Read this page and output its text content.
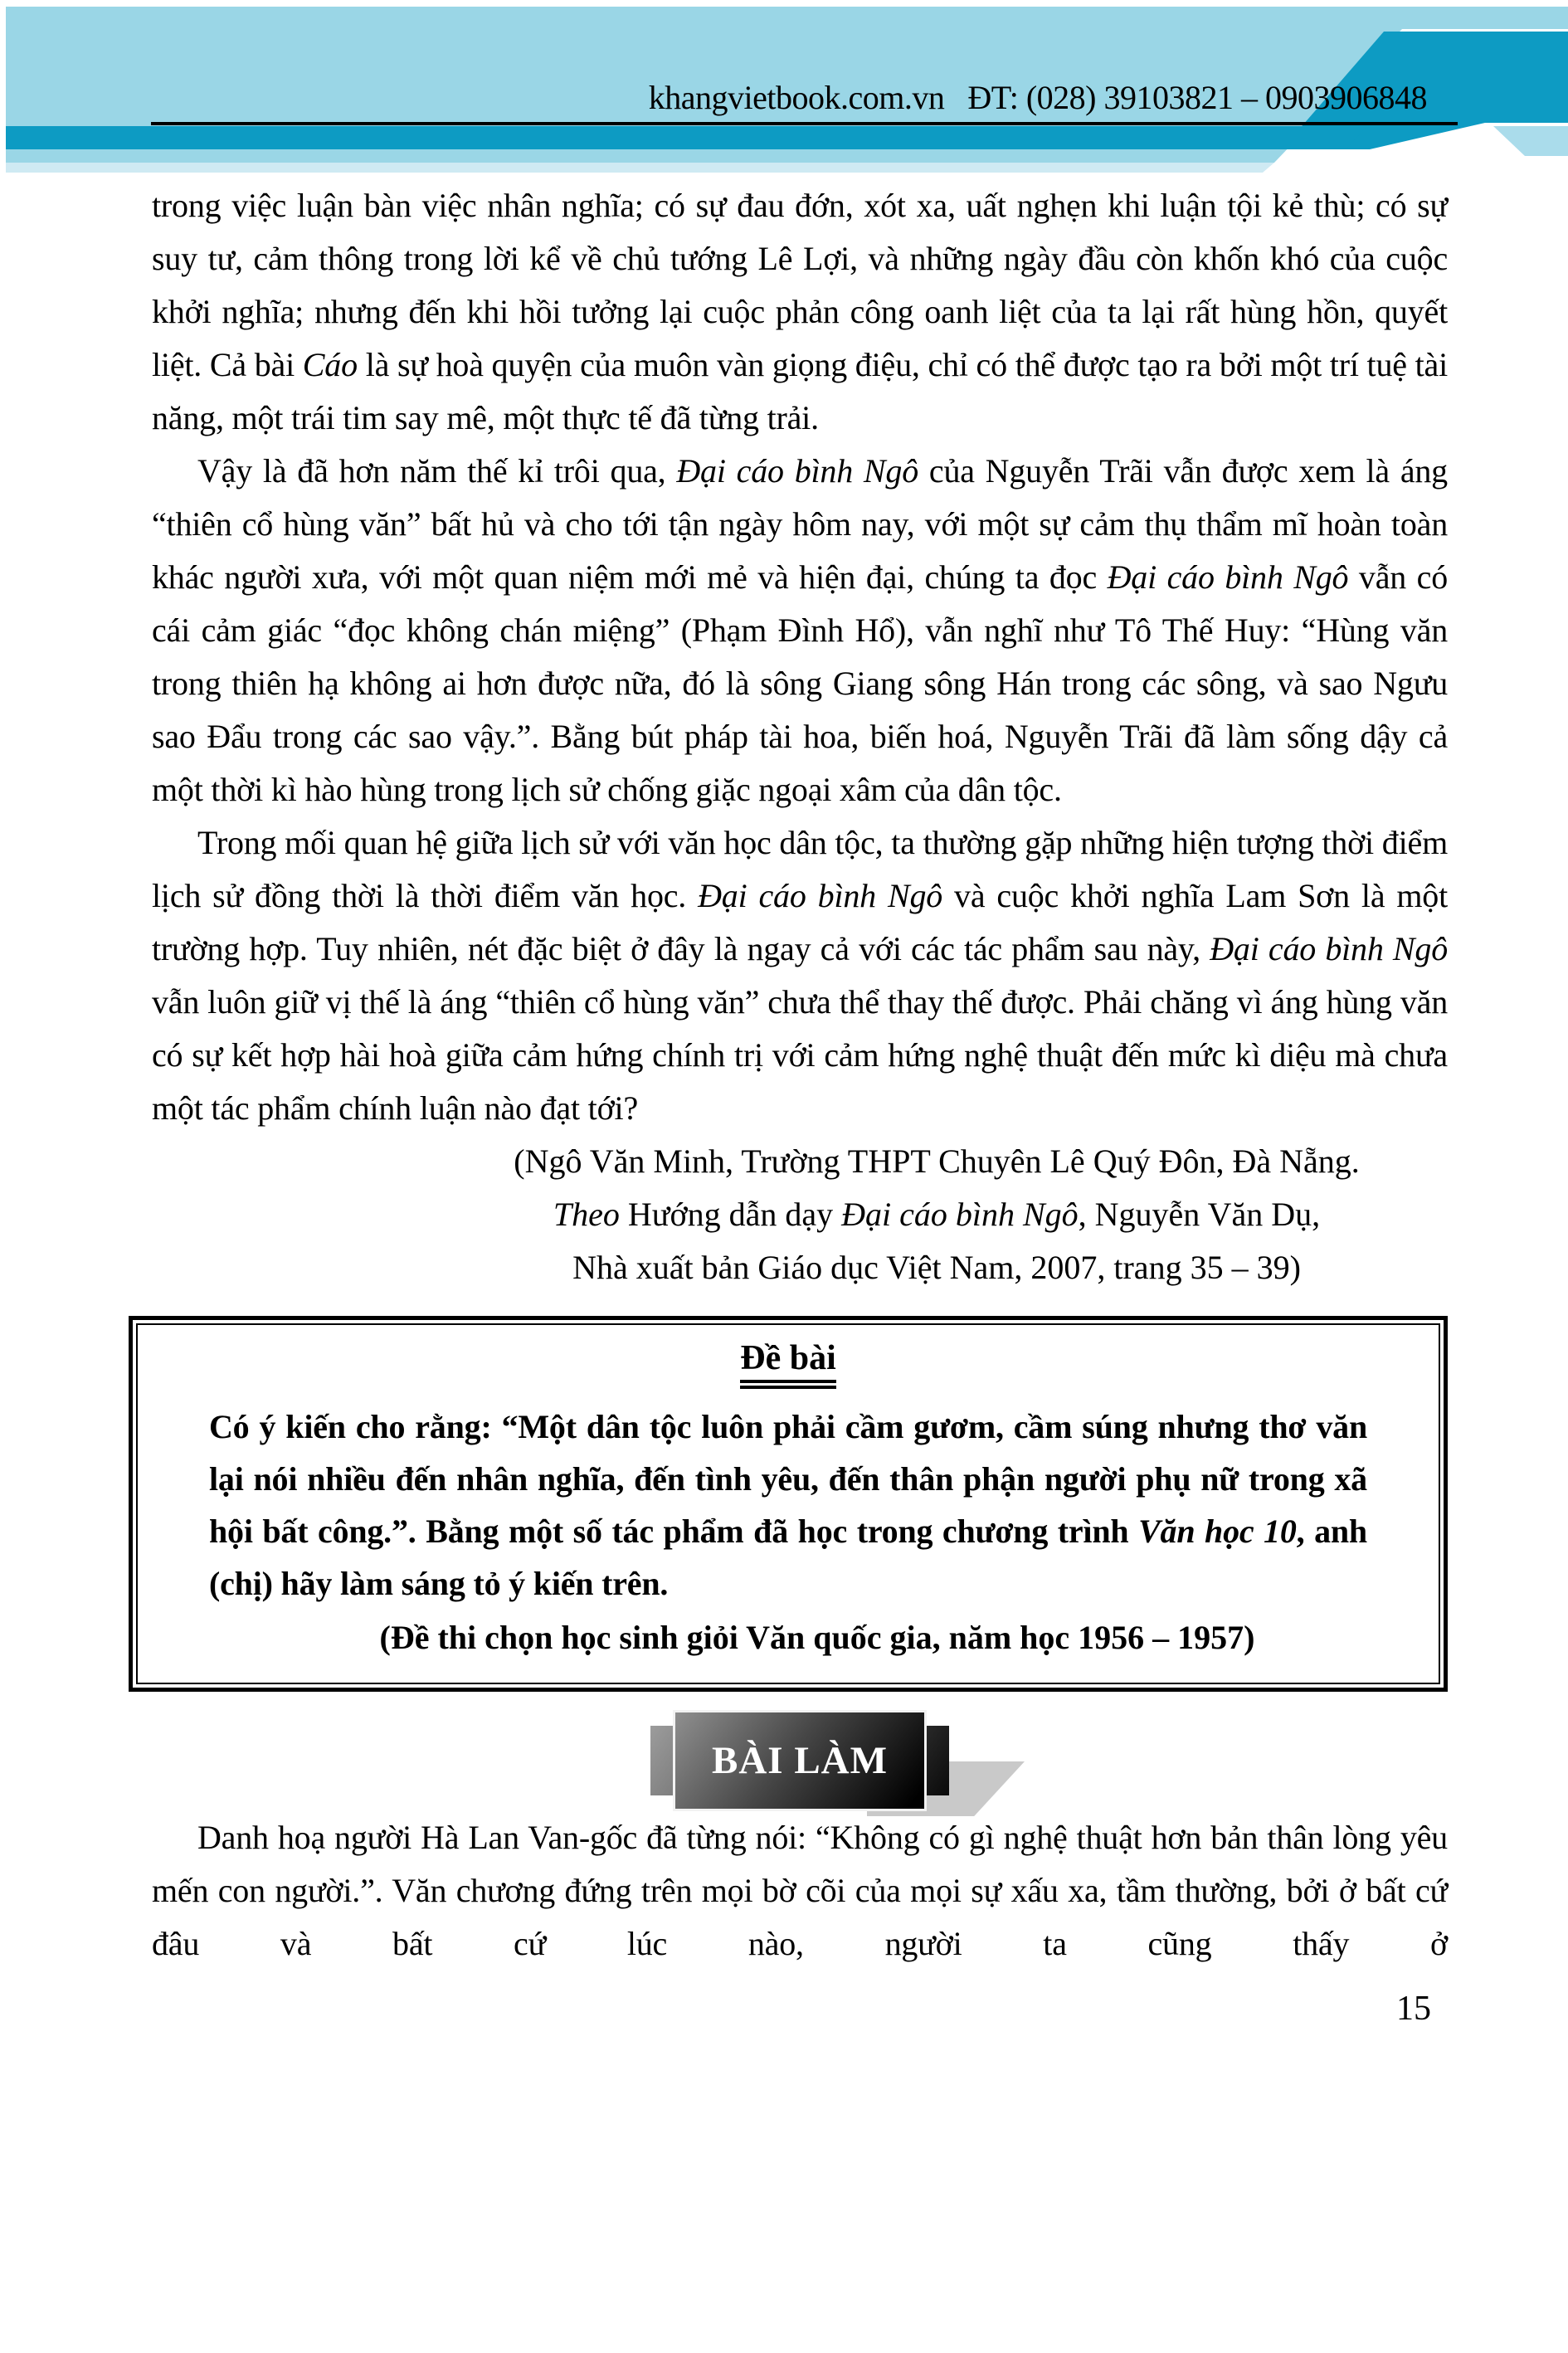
khangvietbook.com.vn ĐT: (028) 39103821 – 0903906848

trong việc luận bàn việc nhân nghĩa; có sự đau đớn, xót xa, uất nghẹn khi luận tội kẻ thù; có sự suy tư, cảm thông trong lời kể về chủ tướng Lê Lợi, và những ngày đầu còn khốn khó của cuộc khởi nghĩa; nhưng đến khi hồi tưởng lại cuộc phản công oanh liệt của ta lại rất hùng hồn, quyết liệt. Cả bài Cáo là sự hoà quyện của muôn vàn giọng điệu, chỉ có thể được tạo ra bởi một trí tuệ tài năng, một trái tim say mê, một thực tế đã từng trải.

Vậy là đã hơn năm thế kỉ trôi qua, Đại cáo bình Ngô của Nguyễn Trãi vẫn được xem là áng “thiên cổ hùng văn” bất hủ và cho tới tận ngày hôm nay, với một sự cảm thụ thẩm mĩ hoàn toàn khác người xưa, với một quan niệm mới mẻ và hiện đại, chúng ta đọc Đại cáo bình Ngô vẫn có cái cảm giác “đọc không chán miệng” (Phạm Đình Hổ), vẫn nghĩ như Tô Thế Huy: “Hùng văn trong thiên hạ không ai hơn được nữa, đó là sông Giang sông Hán trong các sông, và sao Ngưu sao Đẩu trong các sao vậy.”. Bằng bút pháp tài hoa, biến hoá, Nguyễn Trãi đã làm sống dậy cả một thời kì hào hùng trong lịch sử chống giặc ngoại xâm của dân tộc.

Trong mối quan hệ giữa lịch sử với văn học dân tộc, ta thường gặp những hiện tượng thời điểm lịch sử đồng thời là thời điểm văn học. Đại cáo bình Ngô và cuộc khởi nghĩa Lam Sơn là một trường hợp. Tuy nhiên, nét đặc biệt ở đây là ngay cả với các tác phẩm sau này, Đại cáo bình Ngô vẫn luôn giữ vị thế là áng “thiên cổ hùng văn” chưa thể thay thế được. Phải chăng vì áng hùng văn có sự kết hợp hài hoà giữa cảm hứng chính trị với cảm hứng nghệ thuật đến mức kì diệu mà chưa một tác phẩm chính luận nào đạt tới?

(Ngô Văn Minh, Trường THPT Chuyên Lê Quý Đôn, Đà Nẵng.

Theo Hướng dẫn dạy Đại cáo bình Ngô, Nguyễn Văn Dụ,

Nhà xuất bản Giáo dục Việt Nam, 2007, trang 35 – 39)

Đề bài

Có ý kiến cho rằng: “Một dân tộc luôn phải cầm gươm, cầm súng nhưng thơ văn lại nói nhiều đến nhân nghĩa, đến tình yêu, đến thân phận người phụ nữ trong xã hội bất công.”. Bằng một số tác phẩm đã học trong chương trình Văn học 10, anh (chị) hãy làm sáng tỏ ý kiến trên.

(Đề thi chọn học sinh giỏi Văn quốc gia, năm học 1956 – 1957)

BÀI LÀM

Danh hoạ người Hà Lan Van-gốc đã từng nói: “Không có gì nghệ thuật hơn bản thân lòng yêu mến con người.”. Văn chương đứng trên mọi bờ cõi của mọi sự xấu xa, tầm thường, bởi ở bất cứ đâu và bất cứ lúc nào, người ta cũng thấy ở

15
